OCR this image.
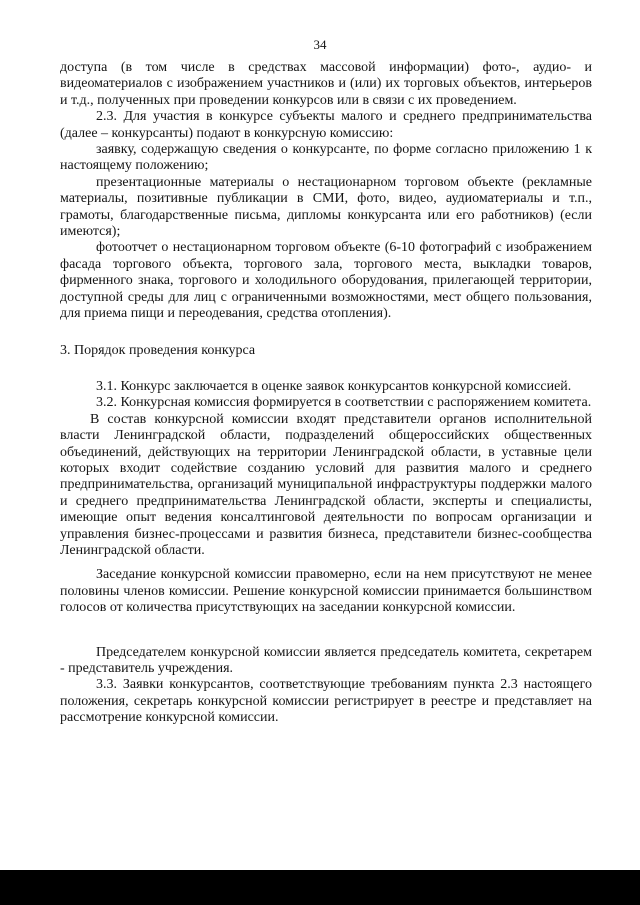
34

доступа (в том числе в средствах массовой информации) фото-, аудио- и видеоматериалов с изображением участников и (или) их торговых объектов, интерьеров и т.д., полученных при проведении конкурсов или в связи с их проведением.

2.3. Для участия в конкурсе субъекты малого и среднего предпринимательства (далее – конкурсанты) подают в конкурсную комиссию:

заявку, содержащую сведения о конкурсанте, по форме согласно приложению 1 к настоящему положению;

презентационные материалы о нестационарном торговом объекте (рекламные материалы, позитивные публикации в СМИ, фото, видео, аудиоматериалы и т.п., грамоты, благодарственные письма, дипломы конкурсанта или его работников) (если имеются);

фотоотчет о нестационарном торговом объекте (6-10 фотографий с изображением фасада торгового объекта, торгового зала, торгового места, выкладки товаров, фирменного знака, торгового и холодильного оборудования, прилегающей территории, доступной среды для лиц с ограниченными возможностями, мест общего пользования, для приема пищи и переодевания, средства отопления).

3. Порядок проведения конкурса

3.1. Конкурс заключается в оценке заявок конкурсантов конкурсной комиссией.

3.2. Конкурсная комиссия формируется в соответствии с распоряжением комитета.

В состав конкурсной комиссии входят представители органов исполнительной власти Ленинградской области, подразделений общероссийских общественных объединений, действующих на территории Ленинградской области, в уставные цели которых входит содействие созданию условий для развития малого и среднего предпринимательства, организаций муниципальной инфраструктуры поддержки малого и среднего предпринимательства Ленинградской области, эксперты и специалисты, имеющие опыт ведения консалтинговой деятельности по вопросам организации и управления бизнес-процессами и развития бизнеса, представители бизнес-сообщества Ленинградской области.

Заседание конкурсной комиссии правомерно, если на нем присутствуют не менее половины членов комиссии. Решение конкурсной комиссии принимается большинством голосов от количества присутствующих на заседании конкурсной комиссии.

Председателем конкурсной комиссии является председатель комитета, секретарем - представитель учреждения.

3.3. Заявки конкурсантов, соответствующие требованиям пункта 2.3 настоящего положения, секретарь конкурсной комиссии регистрирует в реестре и представляет на рассмотрение конкурсной комиссии.
